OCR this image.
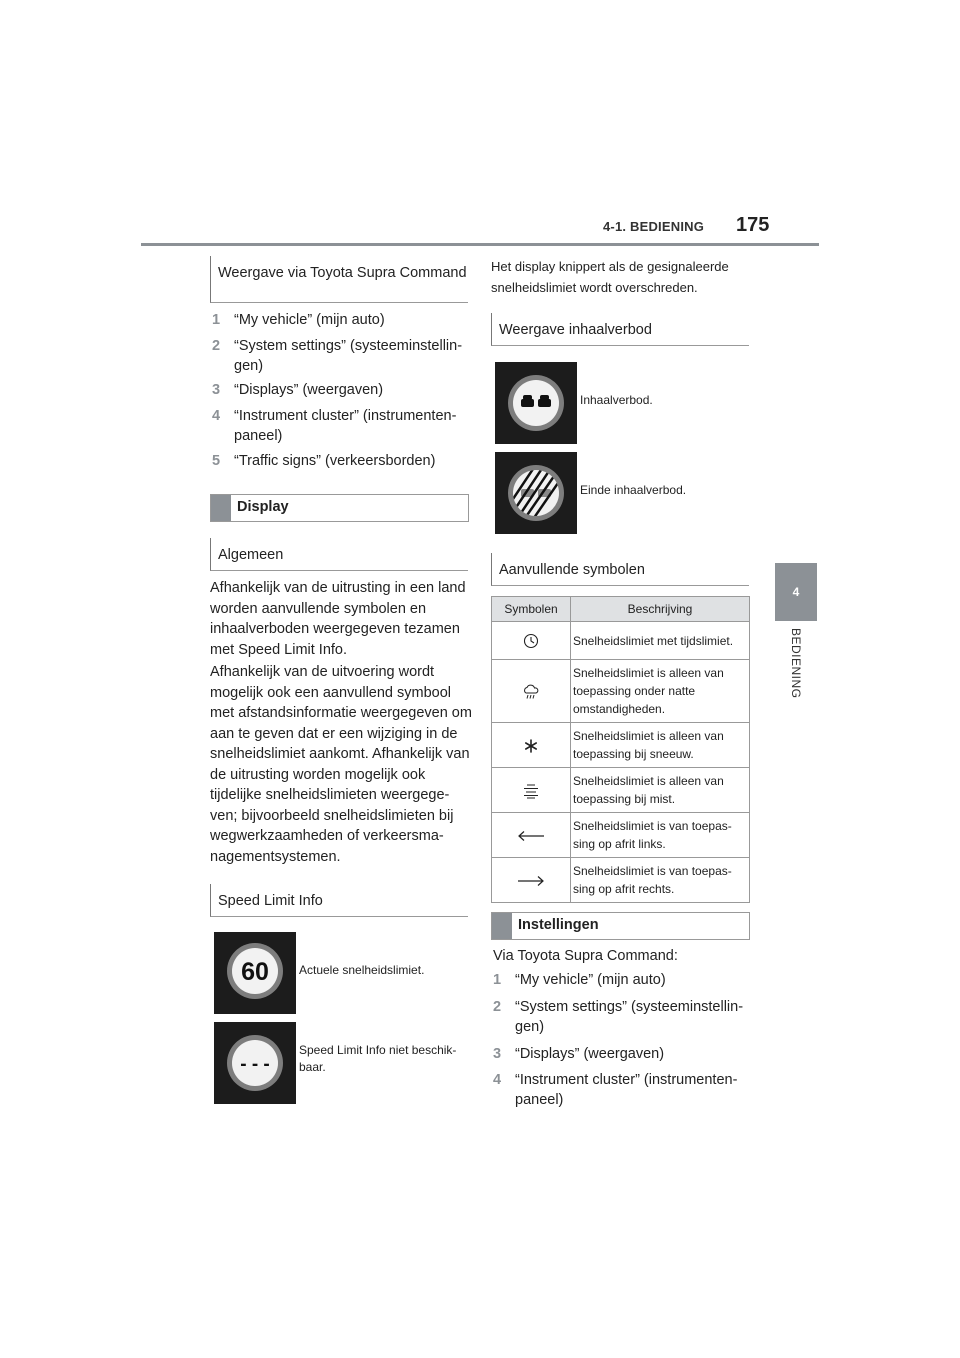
4-1. BEDIENING 175
4
BEDIENING
Weergave via Toyota Supra Command
1 “My vehicle” (mijn auto)
2 “System settings” (systeeminstellin-gen)
3 “Displays” (weergaven)
4 “Instrument cluster” (instrumenten-paneel)
5 “Traffic signs” (verkeersborden)
Display
Algemeen
Afhankelijk van de uitrusting in een land worden aanvullende symbolen en inhaalverboden weergegeven tezamen met Speed Limit Info.
Afhankelijk van de uitvoering wordt mogelijk ook een aanvullend symbool met afstandsinformatie weergegeven om aan te geven dat er een wijziging in de snelheidslimiet aankomt. Afhankelijk van de uitrusting worden mogelijk ook tijdelijke snelheidslimieten weergege-ven; bijvoorbeeld snelheidslimieten bij wegwerkzaamheden of verkeersma-nagementsystemen.
Speed Limit Info
60	Actuele snelheidslimiet.
- - -
Speed Limit Info niet beschik-baar.
Het display knippert als de gesignaleerde snelheidslimiet wordt overschreden.
Weergave inhaalverbod
Inhaalverbod.
Einde inhaalverbod.
Aanvullende symbolen
Symbolen	Beschrijving
	Snelheidslimiet met tijdslimiet.
	Snelheidslimiet is alleen van toepassing onder natte omstandigheden.
	Snelheidslimiet is alleen van toepassing bij sneeuw.
	Snelheidslimiet is alleen van toepassing bij mist.
	Snelheidslimiet is van toepas-sing op afrit links.
	Snelheidslimiet is van toepas-sing op afrit rechts.
Instellingen
Via Toyota Supra Command:
1 “My vehicle” (mijn auto)
2 “System settings” (systeeminstellin-gen)
3 “Displays” (weergaven)
4 “Instrument cluster” (instrumenten-paneel)
